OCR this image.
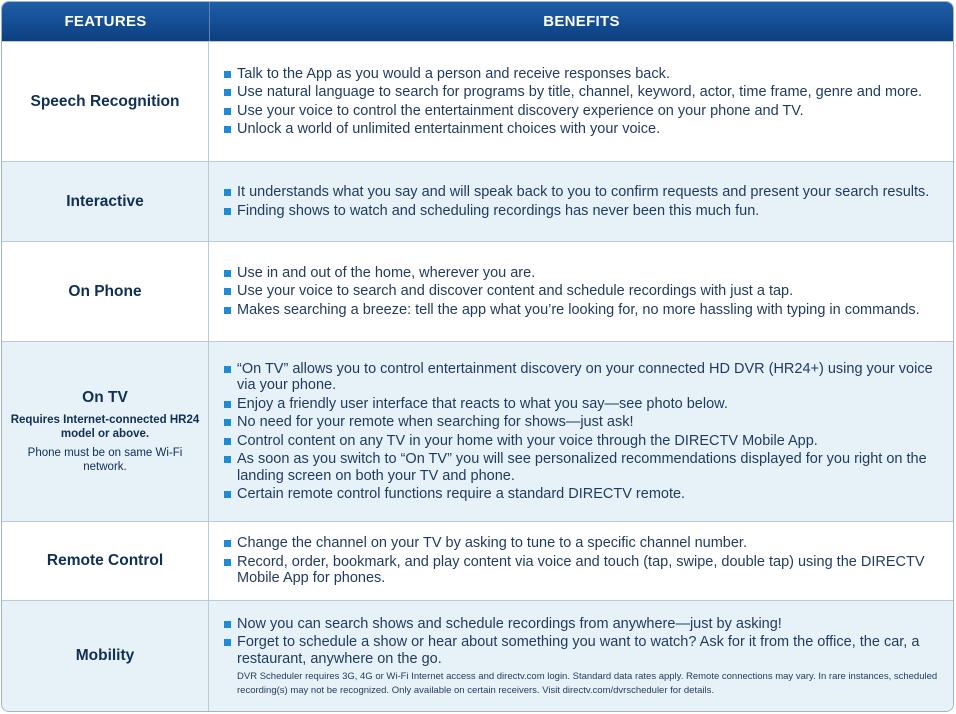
FEATURES	BENEFITS
Speech Recognition
Talk to the App as you would a person and receive responses back.
Use natural language to search for programs by title, channel, keyword, actor, time frame, genre and more.
Use your voice to control the entertainment discovery experience on your phone and TV.
Unlock a world of unlimited entertainment choices with your voice.
Interactive
It understands what you say and will speak back to you to confirm requests and present your search results.
Finding shows to watch and scheduling recordings has never been this much fun.
On Phone
Use in and out of the home, wherever you are.
Use your voice to search and discover content and schedule recordings with just a tap.
Makes searching a breeze: tell the app what you’re looking for, no more hassling with typing in commands.
On TV
Requires Internet-connected HR24 model or above.
Phone must be on same Wi-Fi network.
“On TV” allows you to control entertainment discovery on your connected HD DVR (HR24+) using your voice via your phone.
Enjoy a friendly user interface that reacts to what you say—see photo below.
No need for your remote when searching for shows—just ask!
Control content on any TV in your home with your voice through the DIRECTV Mobile App.
As soon as you switch to “On TV” you will see personalized recommendations displayed for you right on the landing screen on both your TV and phone.
Certain remote control functions require a standard DIRECTV remote.
Remote Control
Change the channel on your TV by asking to tune to a specific channel number.
Record, order, bookmark, and play content via voice and touch (tap, swipe, double tap) using the DIRECTV Mobile App for phones.
Mobility
Now you can search shows and schedule recordings from anywhere—just by asking!
Forget to schedule a show or hear about something you want to watch? Ask for it from the office, the car, a restaurant, anywhere on the go.
DVR Scheduler requires 3G, 4G or Wi-Fi Internet access and directv.com login. Standard data rates apply. Remote connections may vary. In rare instances, scheduled recording(s) may not be recognized. Only available on certain receivers. Visit directv.com/dvrscheduler for details.
